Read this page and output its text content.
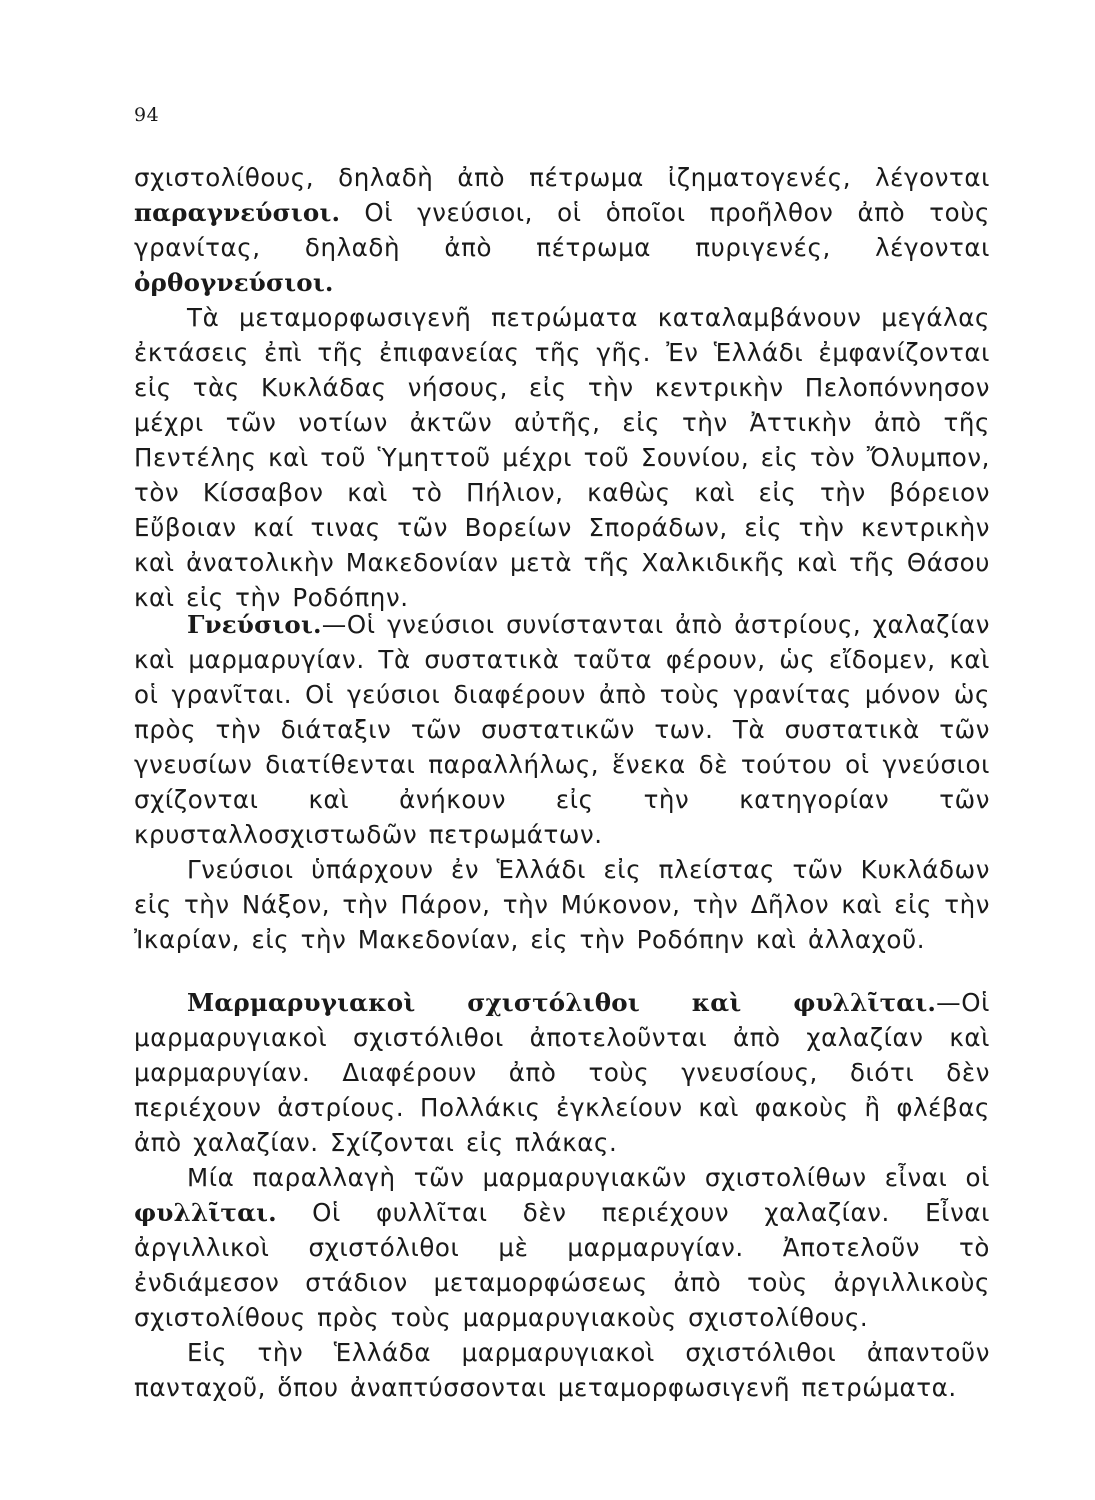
94

σχιστολίθους, δηλαδὴ ἀπὸ πέτρωμα ἰζηματογενές, λέγονται παραγνεύσιοι. Οἱ γνεύσιοι, οἱ ὁποῖοι προῆλθον ἀπὸ τοὺς γρανίτας, δηλαδὴ ἀπὸ πέτρωμα πυριγενές, λέγονται ὀρθογνεύσιοι.

Τὰ μεταμορφωσιγενῆ πετρώματα καταλαμβάνουν μεγάλας ἐκτάσεις ἐπὶ τῆς ἐπιφανείας τῆς γῆς. Ἐν Ἑλλάδι ἐμφανίζονται εἰς τὰς Κυκλάδας νήσους, εἰς τὴν κεντρικὴν Πελοπόννησον μέχρι τῶν νοτίων ἀκτῶν αὐτῆς, εἰς τὴν Ἀττικὴν ἀπὸ τῆς Πεντέλης καὶ τοῦ Ὑμηττοῦ μέχρι τοῦ Σουνίου, εἰς τὸν Ὄλυμπον, τὸν Κίσσαβον καὶ τὸ Πήλιον, καθὼς καὶ εἰς τὴν βόρειον Εὔβοιαν καί τινας τῶν Βορείων Σποράδων, εἰς τὴν κεντρικὴν καὶ ἀνατολικὴν Μακεδονίαν μετὰ τῆς Χαλκιδικῆς καὶ τῆς Θάσου καὶ εἰς τὴν Ροδόπην.

Γνεύσιοι.—Οἱ γνεύσιοι συνίστανται ἀπὸ ἀστρίους, χαλαζίαν καὶ μαρμαρυγίαν. Τὰ συστατικὰ ταῦτα φέρουν, ὡς εἴδομεν, καὶ οἱ γρανῖται. Οἱ γεύσιοι διαφέρουν ἀπὸ τοὺς γρανίτας μόνον ὡς πρὸς τὴν διάταξιν τῶν συστατικῶν των. Τὰ συστατικὰ τῶν γνευσίων διατίθενται παραλλήλως, ἕνεκα δὲ τούτου οἱ γνεύσιοι σχίζονται καὶ ἀνήκουν εἰς τὴν κατηγορίαν τῶν κρυσταλλοσχιστωδῶν πετρωμάτων.

Γνεύσιοι ὑπάρχουν ἐν Ἑλλάδι εἰς πλείστας τῶν Κυκλάδων εἰς τὴν Νάξον, τὴν Πάρον, τὴν Μύκονον, τὴν Δῆλον καὶ εἰς τὴν Ἰκαρίαν, εἰς τὴν Μακεδονίαν, εἰς τὴν Ροδόπην καὶ ἀλλαχοῦ.

Μαρμαρυγιακοὶ σχιστόλιθοι καὶ φυλλῖται.—Οἱ μαρμαρυγιακοὶ σχιστόλιθοι ἀποτελοῦνται ἀπὸ χαλαζίαν καὶ μαρμαρυγίαν. Διαφέρουν ἀπὸ τοὺς γνευσίους, διότι δὲν περιέχουν ἀστρίους. Πολλάκις ἐγκλείουν καὶ φακοὺς ἢ φλέβας ἀπὸ χαλαζίαν. Σχίζονται εἰς πλάκας.

Μία παραλλαγὴ τῶν μαρμαρυγιακῶν σχιστολίθων εἶναι οἱ φυλλῖται. Οἱ φυλλῖται δὲν περιέχουν χαλαζίαν. Εἶναι ἀργιλλικοὶ σχιστόλιθοι μὲ μαρμαρυγίαν. Ἀποτελοῦν τὸ ἐνδιάμεσον στάδιον μεταμορφώσεως ἀπὸ τοὺς ἀργιλλικοὺς σχιστολίθους πρὸς τοὺς μαρμαρυγιακοὺς σχιστολίθους.

Εἰς τὴν Ἑλλάδα μαρμαρυγιακοὶ σχιστόλιθοι ἀπαντοῦν πανταχοῦ, ὅπου ἀναπτύσσονται μεταμορφωσιγενῆ πετρώματα.
